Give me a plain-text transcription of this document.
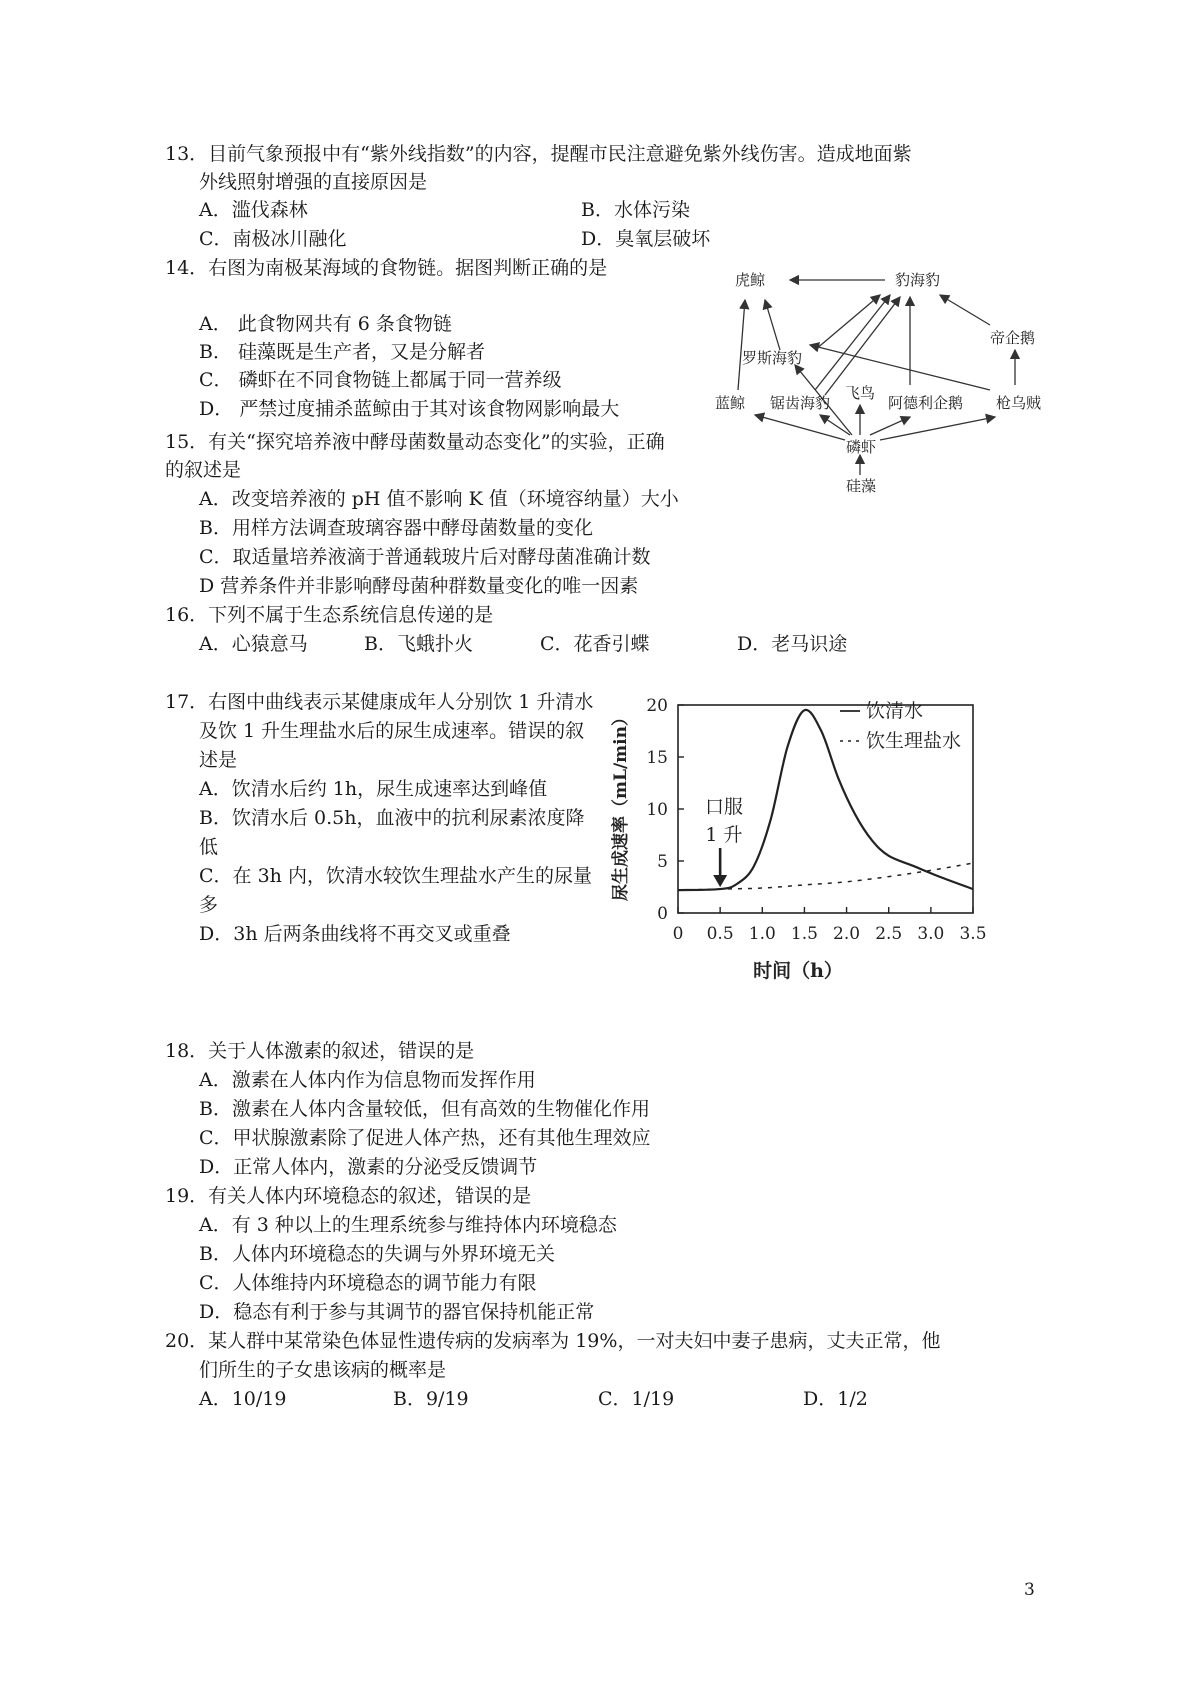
13．目前气象预报中有“紫外线指数”的内容，提醒市民注意避免紫外线伤害。造成地面紫
外线照射增强的直接原因是
A．滥伐森林	B．水体污染
C．南极冰川融化	D．臭氧层破坏
14．右图为南极某海域的食物链。据图判断正确的是
A． 此食物网共有 6 条食物链
B． 硅藻既是生产者，又是分解者
C． 磷虾在不同食物链上都属于同一营养级
D． 严禁过度捕杀蓝鲸由于其对该食物网影响最大
虎鲸	豹海豹
帝企鹅
罗斯海豹
蓝鲸 锯齿海豹
飞鸟
阿德利企鹅 枪乌贼
磷虾
硅藻
15．有关“探究培养液中酵母菌数量动态变化”的实验，正确
的叙述是
A．改变培养液的 pH 值不影响 K 值（环境容纳量）大小
B．用样方法调查玻璃容器中酵母菌数量的变化
C．取适量培养液滴于普通载玻片后对酵母菌准确计数
D 营养条件并非影响酵母菌种群数量变化的唯一因素
16．下列不属于生态系统信息传递的是
A．心猿意马	B．飞蛾扑火	C．花香引蝶	D．老马识途
17．右图中曲线表示某健康成年人分别饮 1 升清水
及饮 1 升生理盐水后的尿生成速率。错误的叙
述是
A．饮清水后约 1h，尿生成速率达到峰值
B．饮清水后 0.5h，血液中的抗利尿素浓度降
低
C．在 3h 内，饮清水较饮生理盐水产生的尿量
多
D．3h 后两条曲线将不再交叉或重叠
0
5
10
15
20
0 0.5 1.0 1.5 2.0 2.5 3.0 3.5
尿生成速率（mL/min）
时间（h）
口服
1 升
饮清水
饮生理盐水
18．关于人体激素的叙述，错误的是
A．激素在人体内作为信息物而发挥作用
B．激素在人体内含量较低，但有高效的生物催化作用
C．甲状腺激素除了促进人体产热，还有其他生理效应
D．正常人体内，激素的分泌受反馈调节
19．有关人体内环境稳态的叙述，错误的是
A．有 3 种以上的生理系统参与维持体内环境稳态
B．人体内环境稳态的失调与外界环境无关
C．人体维持内环境稳态的调节能力有限
D．稳态有利于参与其调节的器官保持机能正常
20．某人群中某常染色体显性遗传病的发病率为 19%，一对夫妇中妻子患病，丈夫正常，他
们所生的子女患该病的概率是
A．10/19	B．9/19	C．1/19	D．1/2
3
